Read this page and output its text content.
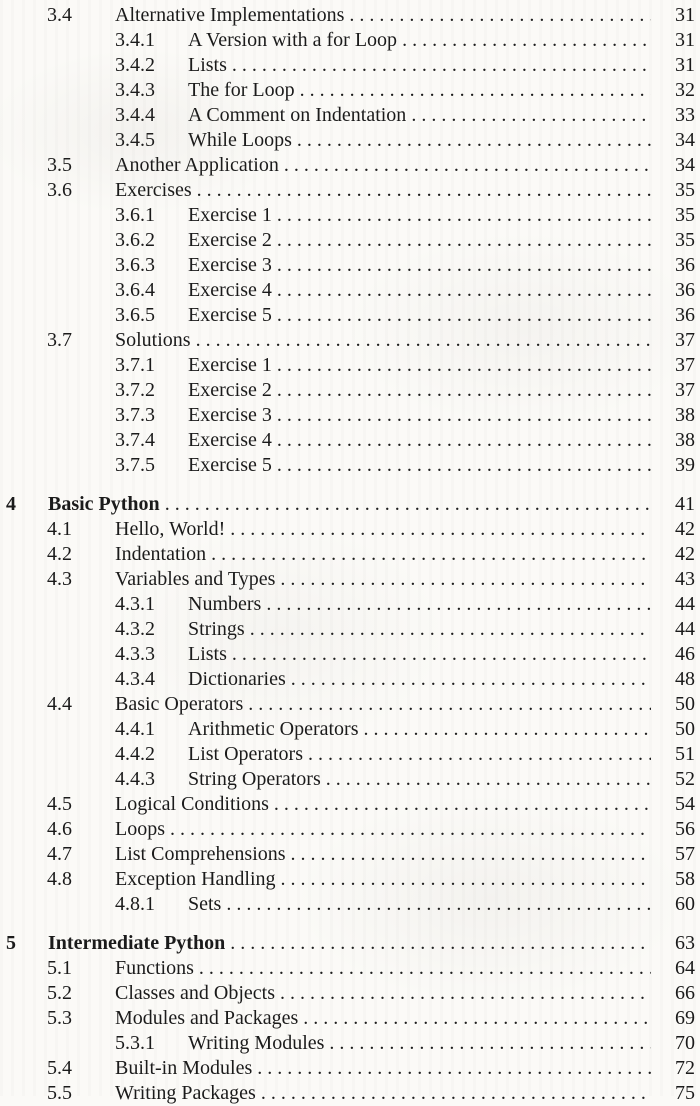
3.4	Alternative Implementations .....	31
3.4.1	A Version with a for Loop .....	31
3.4.2	Lists .....	31
3.4.3	The for Loop .....	32
3.4.4	A Comment on Indentation .....	33
3.4.5	While Loops .....	34
3.5	Another Application .....	34
3.6	Exercises .....	35
3.6.1	Exercise 1 .....	35
3.6.2	Exercise 2 .....	35
3.6.3	Exercise 3 .....	36
3.6.4	Exercise 4 .....	36
3.6.5	Exercise 5 .....	36
3.7	Solutions .....	37
3.7.1	Exercise 1 .....	37
3.7.2	Exercise 2 .....	37
3.7.3	Exercise 3 .....	38
3.7.4	Exercise 4 .....	38
3.7.5	Exercise 5 .....	39
4	Basic Python .....	41
4.1	Hello, World! .....	42
4.2	Indentation .....	42
4.3	Variables and Types .....	43
4.3.1	Numbers .....	44
4.3.2	Strings .....	44
4.3.3	Lists .....	46
4.3.4	Dictionaries .....	48
4.4	Basic Operators .....	50
4.4.1	Arithmetic Operators .....	50
4.4.2	List Operators .....	51
4.4.3	String Operators .....	52
4.5	Logical Conditions .....	54
4.6	Loops .....	56
4.7	List Comprehensions .....	57
4.8	Exception Handling .....	58
4.8.1	Sets .....	60
5	Intermediate Python .....	63
5.1	Functions .....	64
5.2	Classes and Objects .....	66
5.3	Modules and Packages .....	69
5.3.1	Writing Modules .....	70
5.4	Built-in Modules .....	72
5.5	Writing Packages .....	75
